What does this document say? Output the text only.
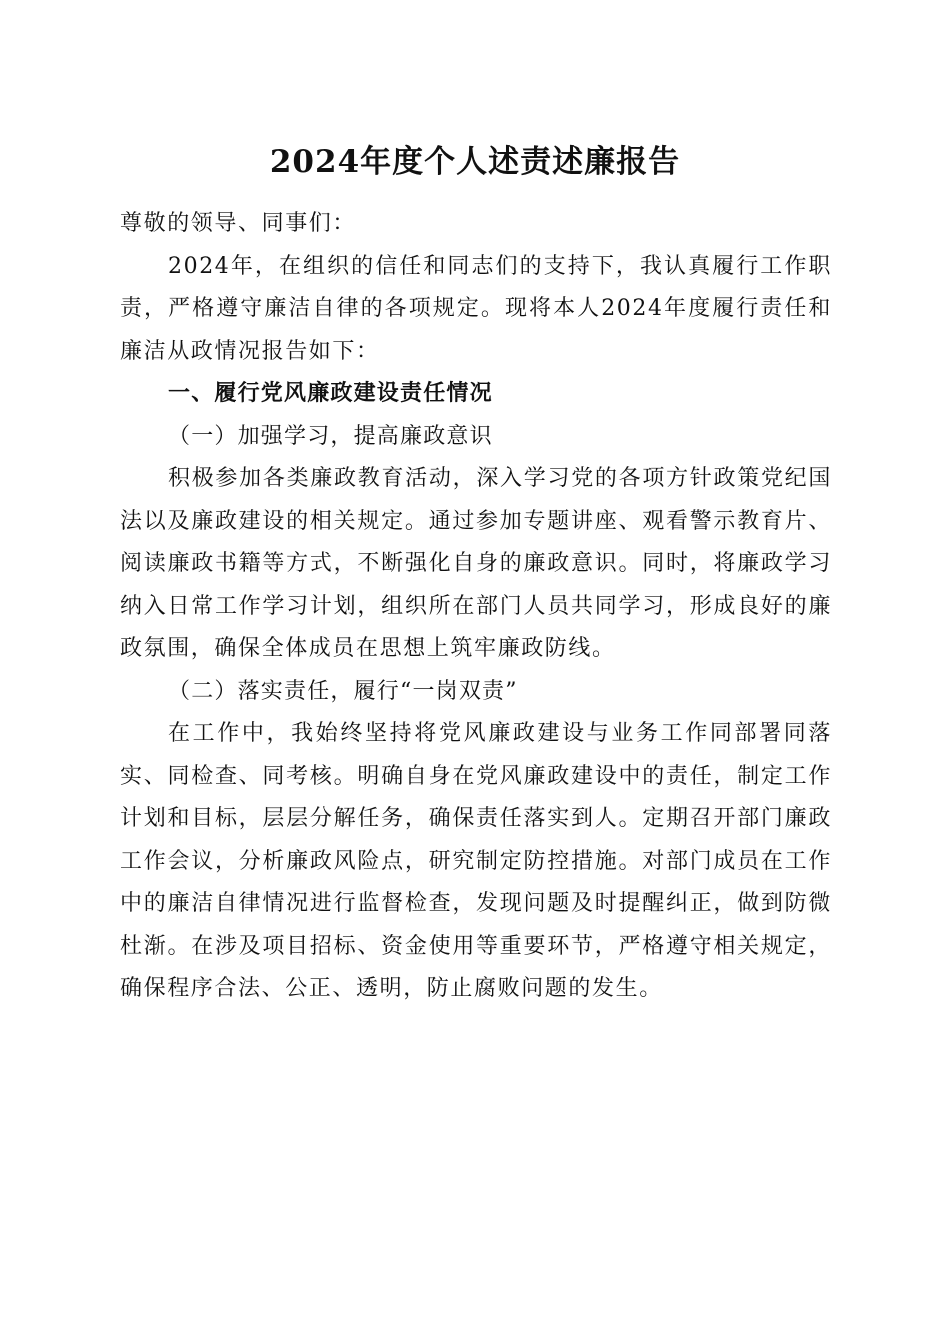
2024年度个人述责述廉报告

尊敬的领导、同事们：

2024年，在组织的信任和同志们的支持下，我认真履行工作职责，严格遵守廉洁自律的各项规定。现将本人2024年度履行责任和廉洁从政情况报告如下：

一、履行党风廉政建设责任情况

（一）加强学习，提高廉政意识

积极参加各类廉政教育活动，深入学习党的各项方针政策党纪国法以及廉政建设的相关规定。通过参加专题讲座、观看警示教育片、阅读廉政书籍等方式，不断强化自身的廉政意识。同时，将廉政学习纳入日常工作学习计划，组织所在部门人员共同学习，形成良好的廉政氛围，确保全体成员在思想上筑牢廉政防线。

（二）落实责任，履行“一岗双责”

在工作中，我始终坚持将党风廉政建设与业务工作同部署同落实、同检查、同考核。明确自身在党风廉政建设中的责任，制定工作计划和目标，层层分解任务，确保责任落实到人。定期召开部门廉政工作会议，分析廉政风险点，研究制定防控措施。对部门成员在工作中的廉洁自律情况进行监督检查，发现问题及时提醒纠正，做到防微杜渐。在涉及项目招标、资金使用等重要环节，严格遵守相关规定，确保程序合法、公正、透明，防止腐败问题的发生。
